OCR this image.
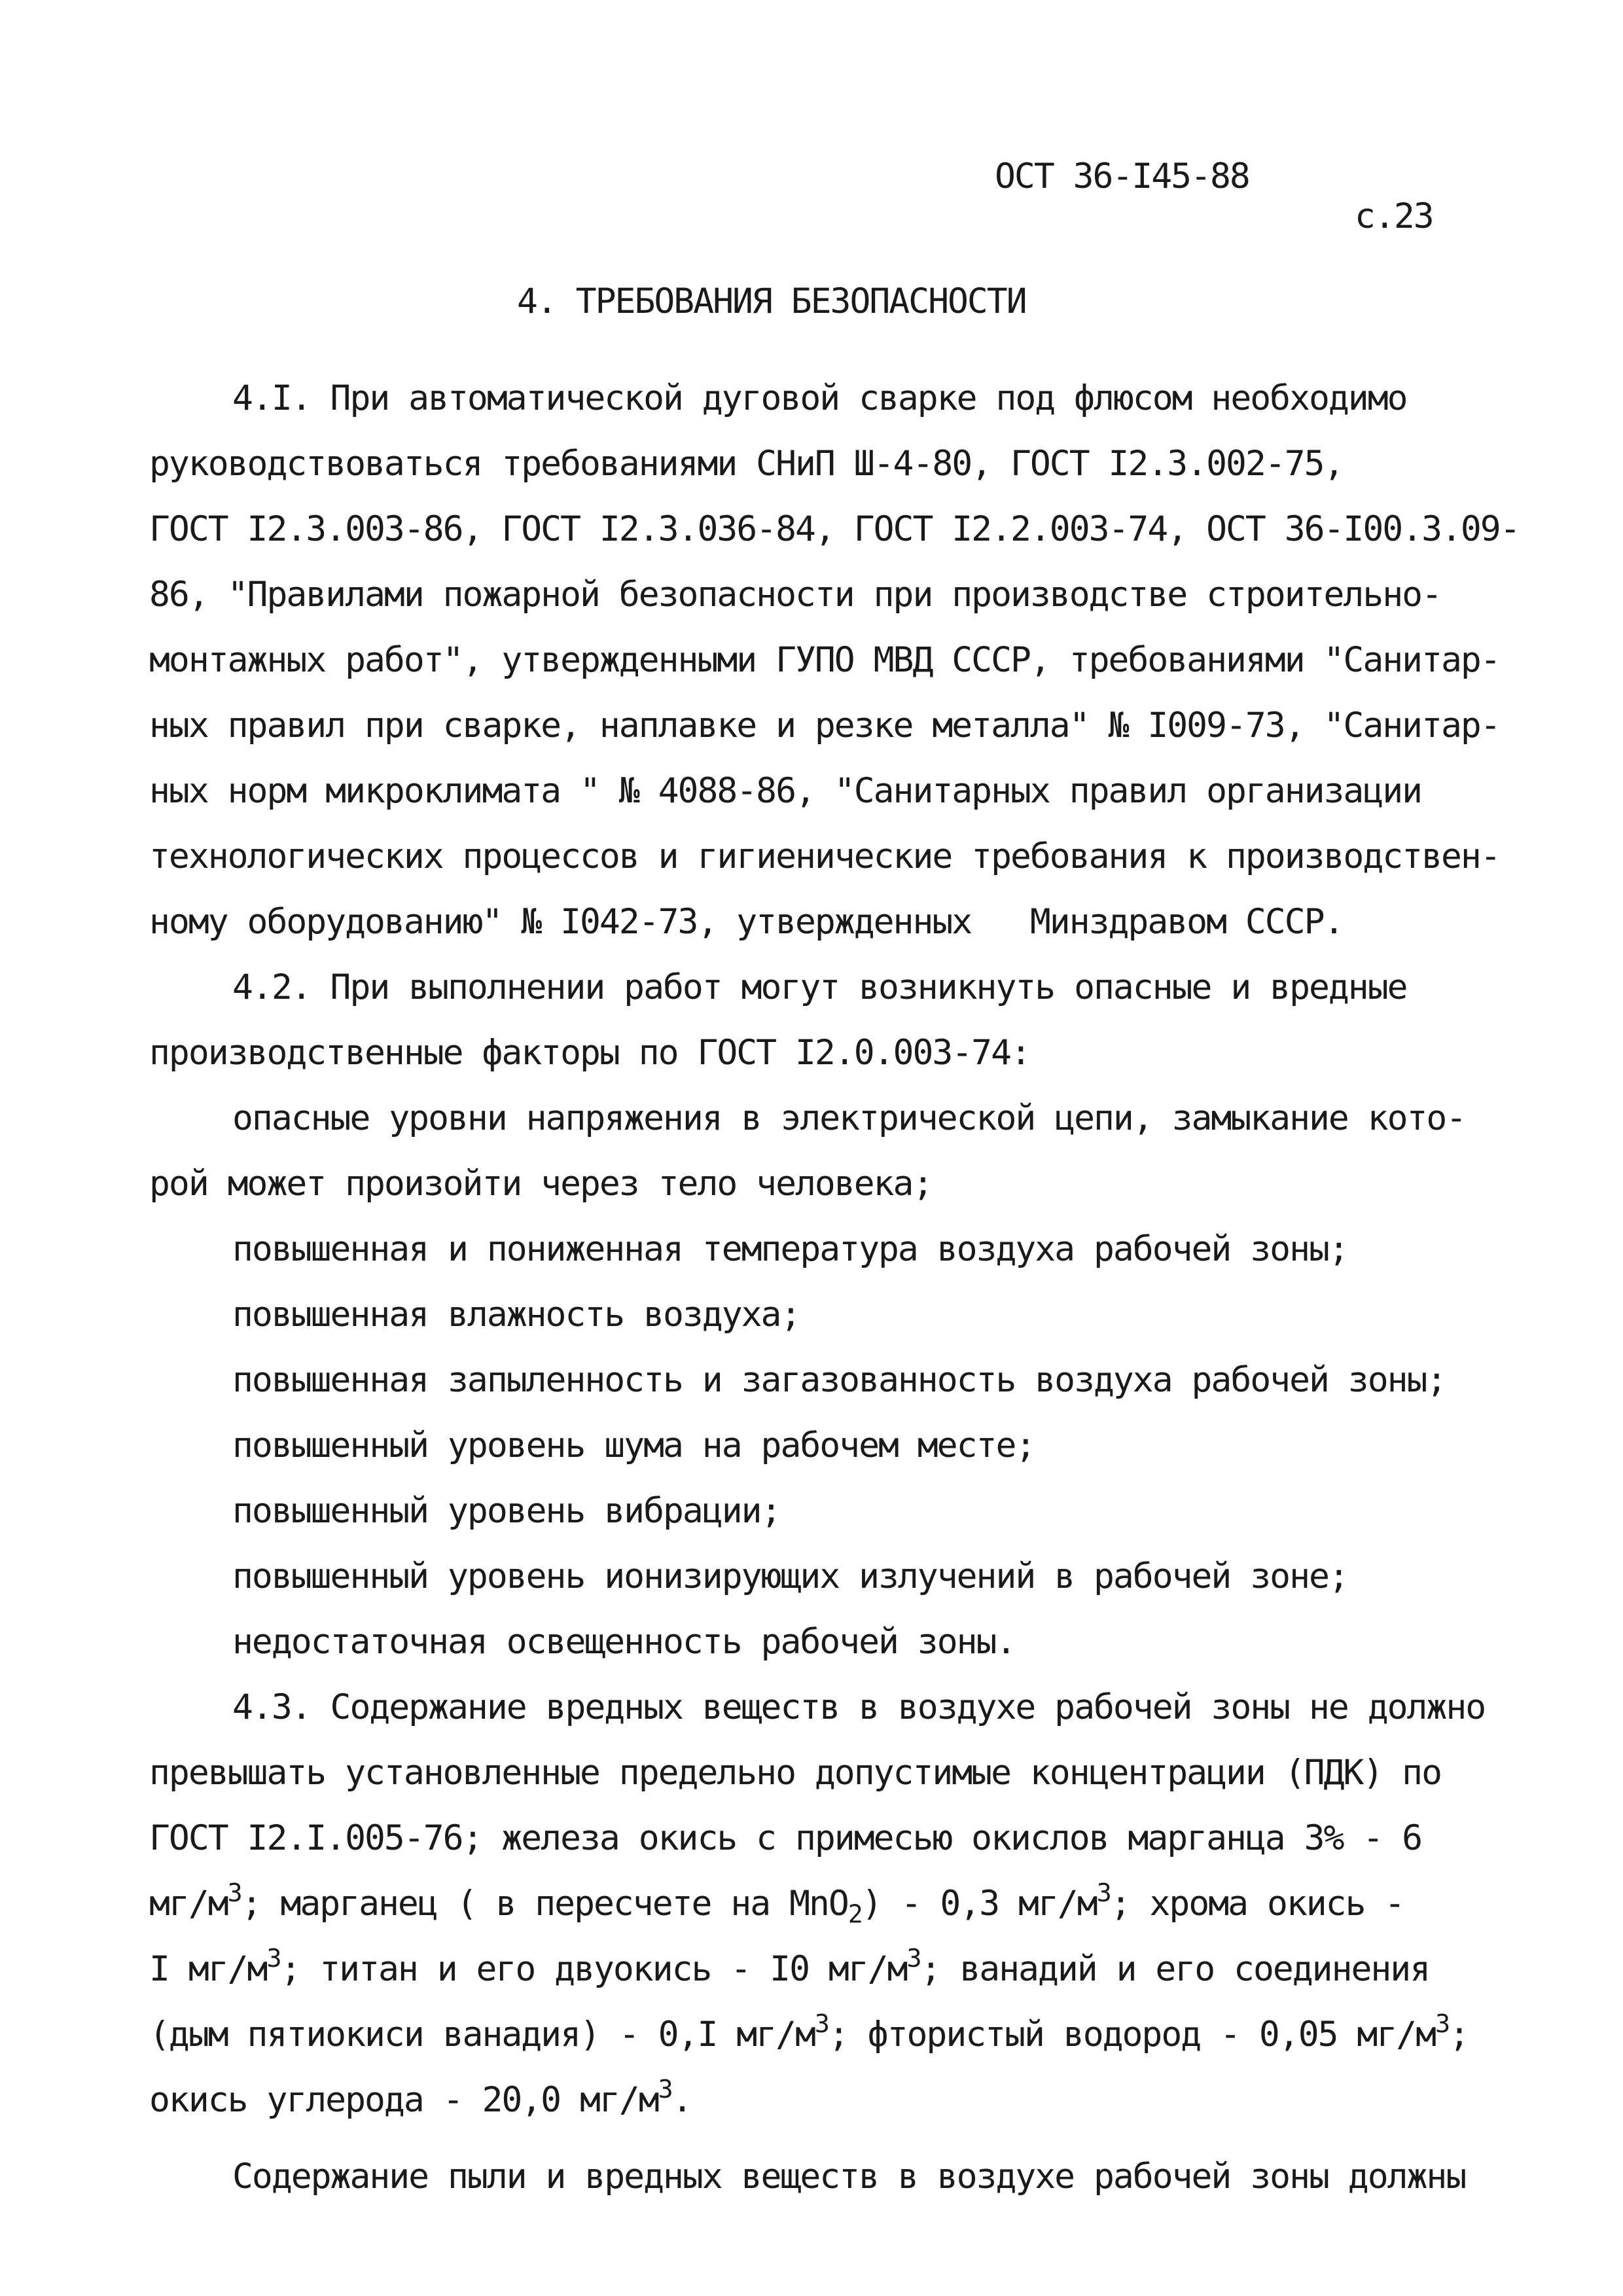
ОСТ 36-I45-88

с.23

4. ТРЕБОВАНИЯ БЕЗОПАСНОСТИ
4.I. При автоматической дуговой сварке под флюсом необходимо
руководствоваться требованиями СНиП Ш-4-80, ГОСТ I2.3.002-75,
ГОСТ I2.3.003-86, ГОСТ I2.3.036-84, ГОСТ I2.2.003-74, ОСТ 36-I00.3.09-
86, "Правилами пожарной безопасности при производстве строительно-
монтажных работ", утвержденными ГУПО МВД СССР, требованиями "Санитар-
ных правил при сварке, наплавке и резке металла" № I009-73, "Санитар-
ных норм микроклимата " № 4088-86, "Санитарных правил организации
технологических процессов и гигиенические требования к производствен-
ному оборудованию" № I042-73, утвержденных   Минздравом СССР.
4.2. При выполнении работ могут возникнуть опасные и вредные
производственные факторы по ГОСТ I2.0.003-74:
опасные уровни напряжения в электрической цепи, замыкание кото-
рой может произойти через тело человека;
повышенная и пониженная температура воздуха рабочей зоны;
повышенная влажность воздуха;
повышенная запыленность и загазованность воздуха рабочей зоны;
повышенный уровень шума на рабочем месте;
повышенный уровень вибрации;
повышенный уровень ионизирующих излучений в рабочей зоне;
недостаточная освещенность рабочей зоны.
4.3. Содержание вредных веществ в воздухе рабочей зоны не должно
превышать установленные предельно допустимые концентрации (ПДК) по
ГОСТ I2.I.005-76; железа окись с примесью окислов марганца 3% - 6
$мг/м^3$; марганец ( в пересчете на MnO$_2$) - 0,3 $мг/м^3$; хрома окись -
I $мг/м^3$; титан и его двуокись - I0 $мг/м^3$; ванадий и его соединения
(дым пятиокиси ванадия) - 0,I $мг/м^3$; фтористый водород - 0,05 $мг/м^3$;
окись углерода - 20,0 $мг/м^3$.
Содержание пыли и вредных веществ в воздухе рабочей зоны должны
